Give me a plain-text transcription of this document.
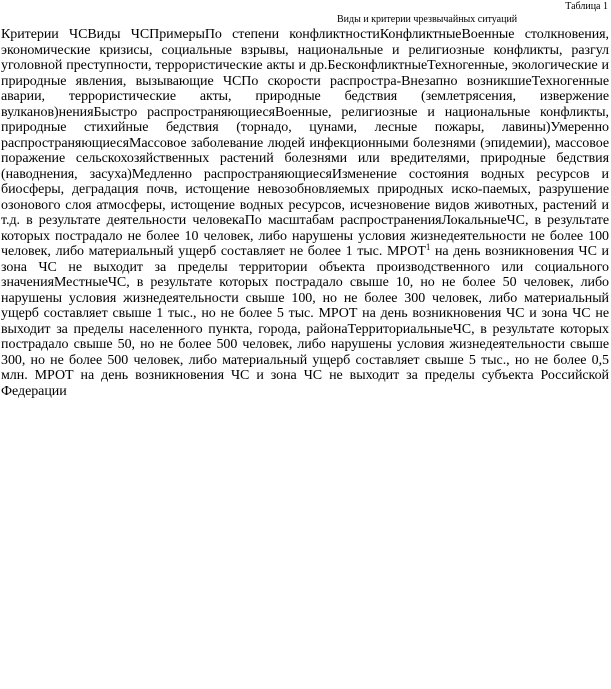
Таблица 1
Виды и критерии чрезвычайных ситуаций

Критерии ЧСВиды ЧСПримерыПо степени конфликтностиКонфликтныеВоенные столкновения, экономические кризисы, социальные взрывы, национальные и религиозные конфликты, разгул уголовной преступности, террористические акты и др.БесконфликтныеТехногенные, экологические и природные явления, вызывающие ЧСПо скорости распростра-Внезапно возникшиеТехногенные аварии, террористические акты, природные бедствия (землетрясения, извержение вулканов)ненияБыстро распространяющиесяВоенные, религиозные и национальные конфликты, природные стихийные бедствия (торнадо, цунами, лесные пожары, лавины)Умеренно распространяющиесяМассовое заболевание людей инфекционными болезнями (эпидемии), массовое поражение сельскохозяйственных растений болезнями или вредителями, природные бедствия (наводнения, засуха)Медленно распространяющиесяИзменение состояния водных ресурсов и биосферы, деградация почв, истощение невозобновляемых природных иско-паемых, разрушение озонового слоя атмосферы, истощение водных ресурсов, исчезновение видов животных, растений и т.д. в результате деятельности человекаПо масштабам распространенияЛокальныеЧС, в результате которых пострадало не более 10 человек, либо нарушены условия жизнедеятельности не более 100 человек, либо материальный ущерб составляет не более 1 тыс. МРОТ$^1$ на день возникновения ЧС и зона ЧС не выходит за пределы территории объекта производственного или социального значенияМестныеЧС, в результате которых пострадало свыше 10, но не более 50 человек, либо нарушены условия жизнедеятельности свыше 100, но не более 300 человек, либо материальный ущерб составляет свыше 1 тыс., но не более 5 тыс. МРОТ на день возникновения ЧС и зона ЧС не выходит за пределы населенного пункта, города, районаТерриториальныеЧС, в результате которых пострадало свыше 50, но не более 500 человек, либо нарушены условия жизнедеятельности свыше 300, но не более 500 человек, либо материальный ущерб составляет свыше 5 тыс., но не более 0,5 млн. МРОТ на день возникновения ЧС и зона ЧС не выходит за пределы субъекта Российской Федерации
